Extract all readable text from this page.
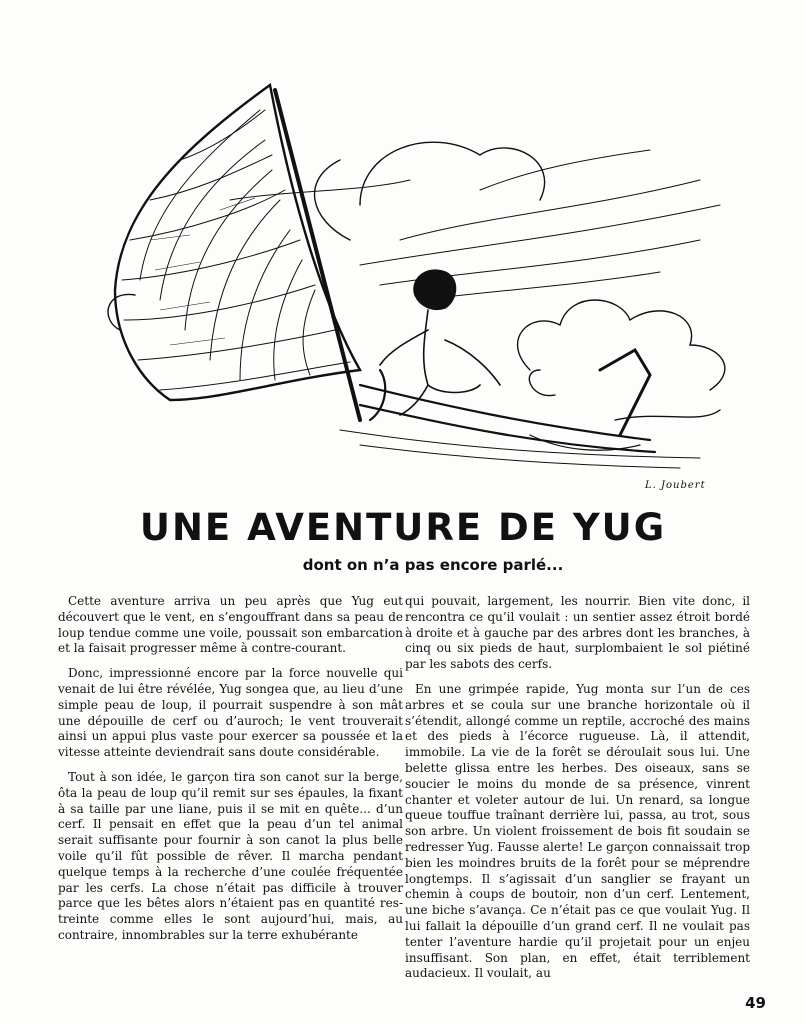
L. Joubert
UNE AVENTURE DE YUG
dont on n’a pas encore parlé...

Cette aventure arriva un peu après que Yug eut découvert que le vent, en s’engouffrant dans sa peau de loup tendue comme une voile, poussait son embarcation et la faisait progresser même à contre-courant.

Donc, impressionné encore par la force nouvelle qui venait de lui être révélée, Yug songea que, au lieu d’une simple peau de loup, il pourrait suspendre à son mât une dépouille de cerf ou d’auroch; le vent trouverait ainsi un appui plus vaste pour exercer sa poussée et la vitesse atteinte deviendrait sans doute considérable.

Tout à son idée, le garçon tira son canot sur la berge, ôta la peau de loup qu’il remit sur ses épaules, la fixant à sa taille par une liane, puis il se mit en quête... d’un cerf. Il pensait en effet que la peau d’un tel animal serait suffisante pour fournir à son canot la plus belle voile qu’il fût possible de rêver. Il marcha pendant quelque temps à la recherche d’une coulée fréquentée par les cerfs. La chose n’était pas difficile à trouver parce que les bêtes alors n’étaient pas en quantité restreinte comme elles le sont aujourd’hui, mais, au contraire, innombrables sur la terre exhubérante

qui pouvait, largement, les nourrir. Bien vite donc, il rencontra ce qu’il voulait : un sentier assez étroit bordé à droite et à gauche par des arbres dont les branches, à cinq ou six pieds de haut, surplombaient le sol piétiné par les sabots des cerfs.

En une grimpée rapide, Yug monta sur l’un de ces arbres et se coula sur une branche horizontale où il s’étendit, allongé comme un reptile, accroché des mains et des pieds à l’écorce rugueuse. Là, il attendit, immobile. La vie de la forêt se déroulait sous lui. Une belette glissa entre les herbes. Des oiseaux, sans se soucier le moins du monde de sa présence, vinrent chanter et voleter autour de lui. Un renard, sa longue queue touffue traînant derrière lui, passa, au trot, sous son arbre. Un violent froissement de bois fit soudain se redresser Yug. Fausse alerte! Le garçon connaissait trop bien les moindres bruits de la forêt pour se méprendre longtemps. Il s’agissait d’un sanglier se frayant un chemin à coups de boutoir, non d’un cerf. Lentement, une biche s’avança. Ce n’était pas ce que voulait Yug. Il lui fallait la dépouille d’un grand cerf. Il ne voulait pas tenter l’aventure hardie qu’il projetait pour un enjeu insuffisant. Son plan, en effet, était terriblement audacieux. Il voulait, au

49
